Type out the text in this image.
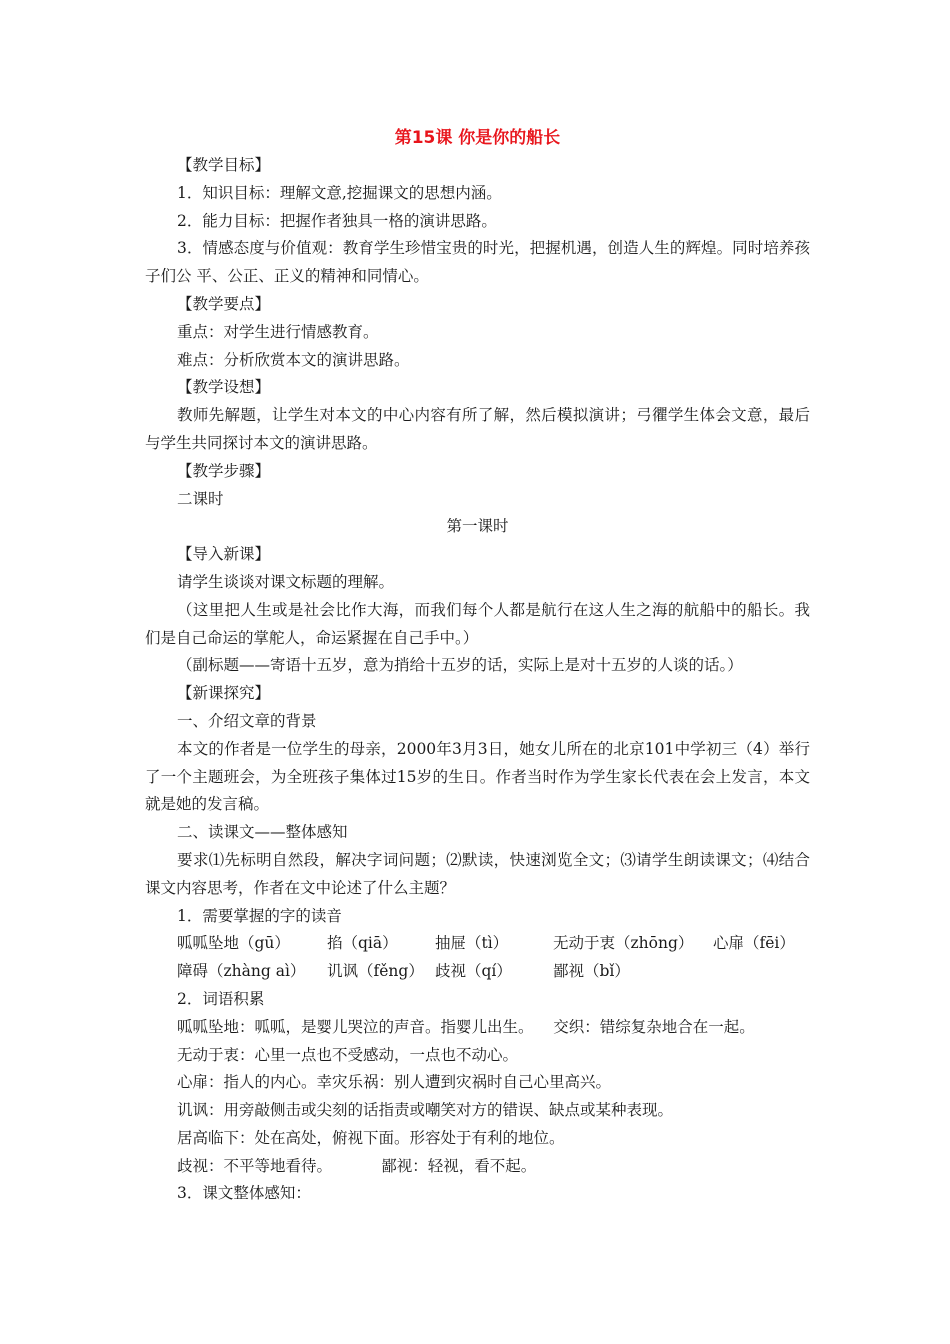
第15课 你是你的船长

【教学目标】

1．知识目标：理解文意,挖掘课文的思想内涵。

2．能力目标：把握作者独具一格的演讲思路。

3．情感态度与价值观：教育学生珍惜宝贵的时光，把握机遇，创造人生的辉煌。同时培养孩子们公 平、公正、正义的精神和同情心。

【教学要点】

重点：对学生进行情感教育。

难点：分析欣赏本文的演讲思路。

【教学设想】

教师先解题，让学生对本文的中心内容有所了解，然后模拟演讲；弓忂学生体会文意，最后与学生共同探讨本文的演讲思路。

【教学步骤】

二课时

第一课时

【导入新课】

请学生谈谈对课文标题的理解。

（这里把人生或是社会比作大海，而我们每个人都是航行在这人生之海的航船中的船长。我们是自己命运的掌舵人，命运紧握在自己手中。）

（副标题——寄语十五岁，意为捎给十五岁的话，实际上是对十五岁的人谈的话。）

【新课探究】

一、介绍文章的背景

本文的作者是一位学生的母亲，2000年3月3日，她女儿所在的北京101中学初三（4）举行了一个主题班会，为全班孩子集体过15岁的生日。作者当时作为学生家长代表在会上发言，本文就是她的发言稿。

二、读课文——整体感知

要求⑴先标明自然段，解决字词问题；⑵默读，快速浏览全文；⑶请学生朗读课文；⑷结合课文内容思考，作者在文中论述了什么主题？

1．需要掌握的字的读音

呱呱坠地（gū）	掐（qiā）	抽屉（tì）	无动于衷（zhōng）	心扉（fēi）
障碍（zhàng aì）	讥讽（fěng） 歧视（qí）	鄙视（bǐ）

2．词语积累

呱呱坠地：呱呱，是婴儿哭泣的声音。指婴儿出生。    交织：错综复杂地合在一起。

无动于衷：心里一点也不受感动，一点也不动心。

心扉：指人的内心。幸灾乐祸：别人遭到灾祸时自己心里高兴。

讥讽：用旁敲侧击或尖刻的话指责或嘲笑对方的错误、缺点或某种表现。

居高临下：处在高处，俯视下面。形容处于有利的地位。

歧视：不平等地看待。          鄙视：轻视，看不起。

3．课文整体感知：
